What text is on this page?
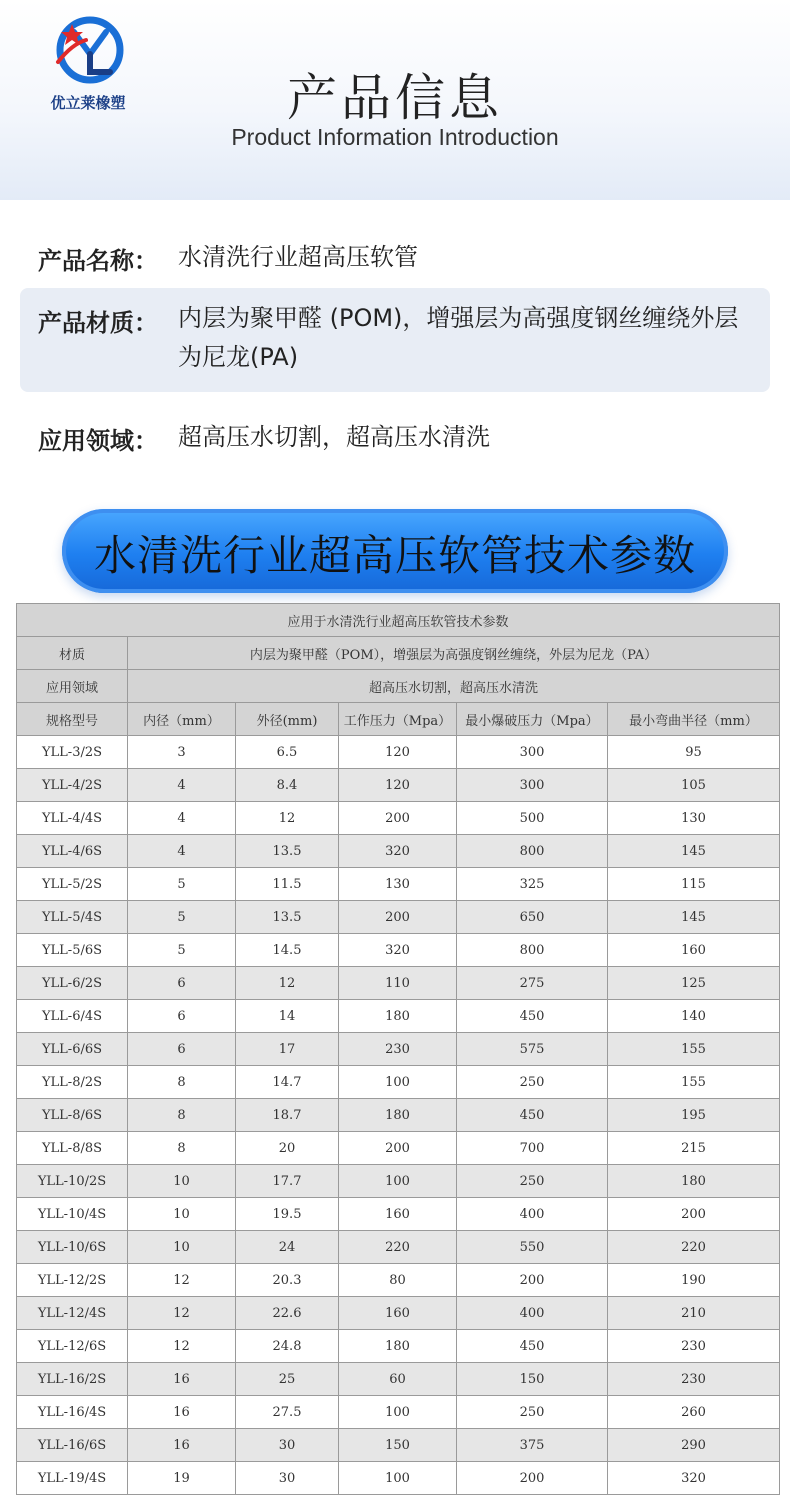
优立莱橡塑	产品信息
Product Information Introduction
产品名称： 水清洗行业超高压软管
产品材质： 内层为聚甲醛 (POM)，增强层为高强度钢丝缠绕外层为尼龙(PA)
应用领域： 超高压水切割，超高压水清洗
水清洗行业超高压软管技术参数
应用于水清洗行业超高压软管技术参数					
材质	内层为聚甲醛（POM），增强层为高强度钢丝缠绕，外层为尼龙（PA）				
应用领域	超高压水切割，超高压水清洗				
规格型号	内径（mm）	外径(mm)	工作压力（Mpa）	最小爆破压力（Mpa）	最小弯曲半径（mm）
YLL-3/2S	3	6.5	120	300	95
YLL-4/2S	4	8.4	120	300	105
YLL-4/4S	4	12	200	500	130
YLL-4/6S	4	13.5	320	800	145
YLL-5/2S	5	11.5	130	325	115
YLL-5/4S	5	13.5	200	650	145
YLL-5/6S	5	14.5	320	800	160
YLL-6/2S	6	12	110	275	125
YLL-6/4S	6	14	180	450	140
YLL-6/6S	6	17	230	575	155
YLL-8/2S	8	14.7	100	250	155
YLL-8/6S	8	18.7	180	450	195
YLL-8/8S	8	20	200	700	215
YLL-10/2S	10	17.7	100	250	180
YLL-10/4S	10	19.5	160	400	200
YLL-10/6S	10	24	220	550	220
YLL-12/2S	12	20.3	80	200	190
YLL-12/4S	12	22.6	160	400	210
YLL-12/6S	12	24.8	180	450	230
YLL-16/2S	16	25	60	150	230
YLL-16/4S	16	27.5	100	250	260
YLL-16/6S	16	30	150	375	290
YLL-19/4S	19	30	100	200	320
